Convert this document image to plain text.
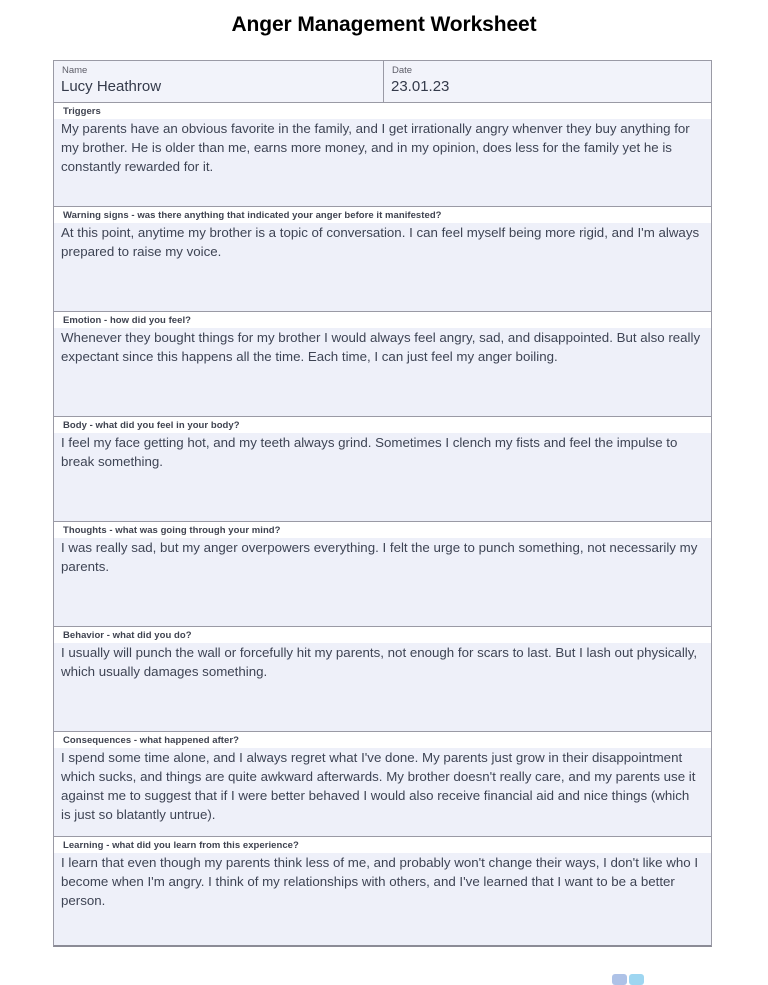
Anger Management Worksheet
Name
Lucy Heathrow
Date
23.01.23
Triggers
My parents have an obvious favorite in the family, and I get irrationally angry whenver they buy anything for my brother. He is older than me, earns more money, and in my opinion, does less for the family yet he is constantly rewarded for it.
Warning signs - was there anything that indicated your anger before it manifested?
At this point, anytime my brother is a topic of conversation. I can feel myself being more rigid, and I'm always prepared to raise my voice.
Emotion - how did you feel?
Whenever they bought things for my brother I would always feel angry, sad, and disappointed. But also really expectant since this happens all the time. Each time, I can just feel my anger boiling.
Body - what did you feel in your body?
I feel my face getting hot, and my teeth always grind. Sometimes I clench my fists and feel the impulse to break something.
Thoughts - what was going through your mind?
I was really sad, but my anger overpowers everything. I felt the urge to punch something, not necessarily my parents.
Behavior - what did you do?
I usually will punch the wall or forcefully hit my parents, not enough for scars to last. But I lash out physically, which usually damages something.
Consequences - what happened after?
I spend some time alone, and I always regret what I've done. My parents just grow in their disappointment which sucks, and things are quite awkward afterwards. My brother doesn't really care, and my parents use it against me to suggest that if I were better behaved I would also receive financial aid and nice things (which is just so blatantly untrue).
Learning - what did you learn from this experience?
I learn that even though my parents think less of me, and probably won't change their ways, I don't like who I become when I'm angry. I think of my relationships with others, and I've learned that I want to be a better person.
